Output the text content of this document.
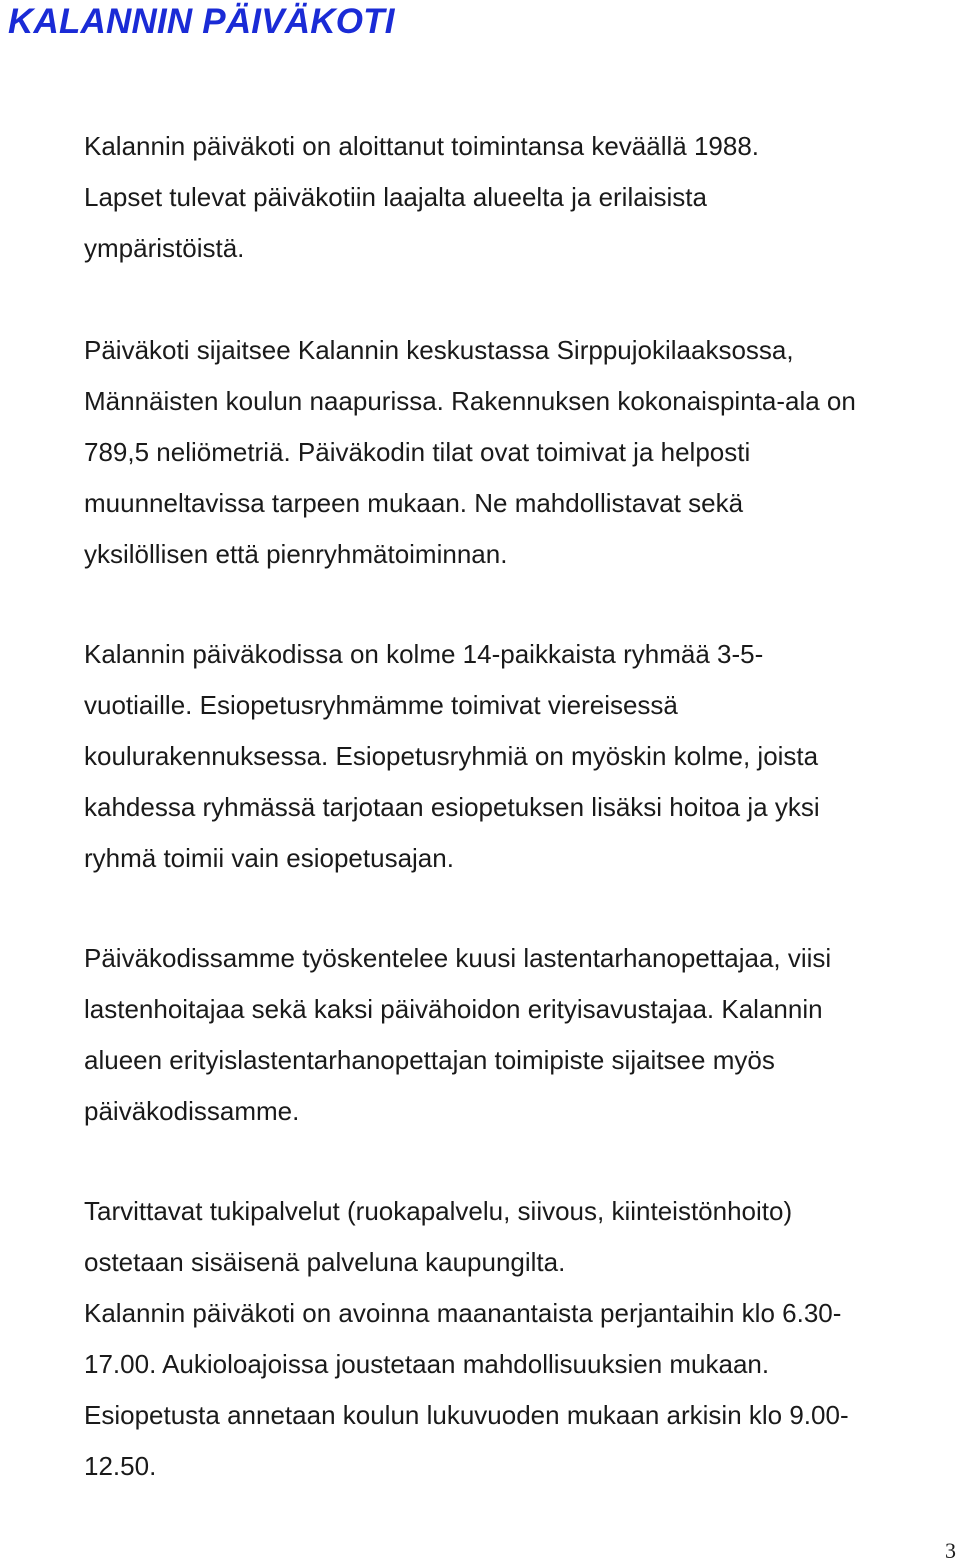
KALANNIN PÄIVÄKOTI
Kalannin päiväkoti on aloittanut toimintansa keväällä 1988.
Lapset tulevat päiväkotiin laajalta alueelta ja erilaisista
ympäristöistä.
Päiväkoti sijaitsee Kalannin keskustassa Sirppujokilaaksossa,
Männäisten koulun naapurissa. Rakennuksen kokonaispinta-ala on
789,5 neliömetriä. Päiväkodin tilat ovat toimivat ja helposti
muunneltavissa tarpeen mukaan. Ne mahdollistavat sekä
yksilöllisen että pienryhmätoiminnan.
Kalannin päiväkodissa on kolme 14-paikkaista ryhmää 3-5-
vuotiaille. Esiopetusryhmämme toimivat viereisessä
koulurakennuksessa. Esiopetusryhmiä on myöskin kolme, joista
kahdessa ryhmässä tarjotaan esiopetuksen lisäksi hoitoa ja yksi
ryhmä toimii vain esiopetusajan.
Päiväkodissamme työskentelee kuusi lastentarhanopettajaa, viisi
lastenhoitajaa sekä kaksi päivähoidon erityisavustajaa. Kalannin
alueen erityislastentarhanopettajan toimipiste sijaitsee myös
päiväkodissamme.
Tarvittavat tukipalvelut (ruokapalvelu, siivous, kiinteistönhoito)
ostetaan sisäisenä palveluna kaupungilta.
Kalannin päiväkoti on avoinna maanantaista perjantaihin klo 6.30-
17.00. Aukioloajoissa joustetaan mahdollisuuksien mukaan.
Esiopetusta annetaan koulun lukuvuoden mukaan arkisin klo 9.00-
12.50.
3
